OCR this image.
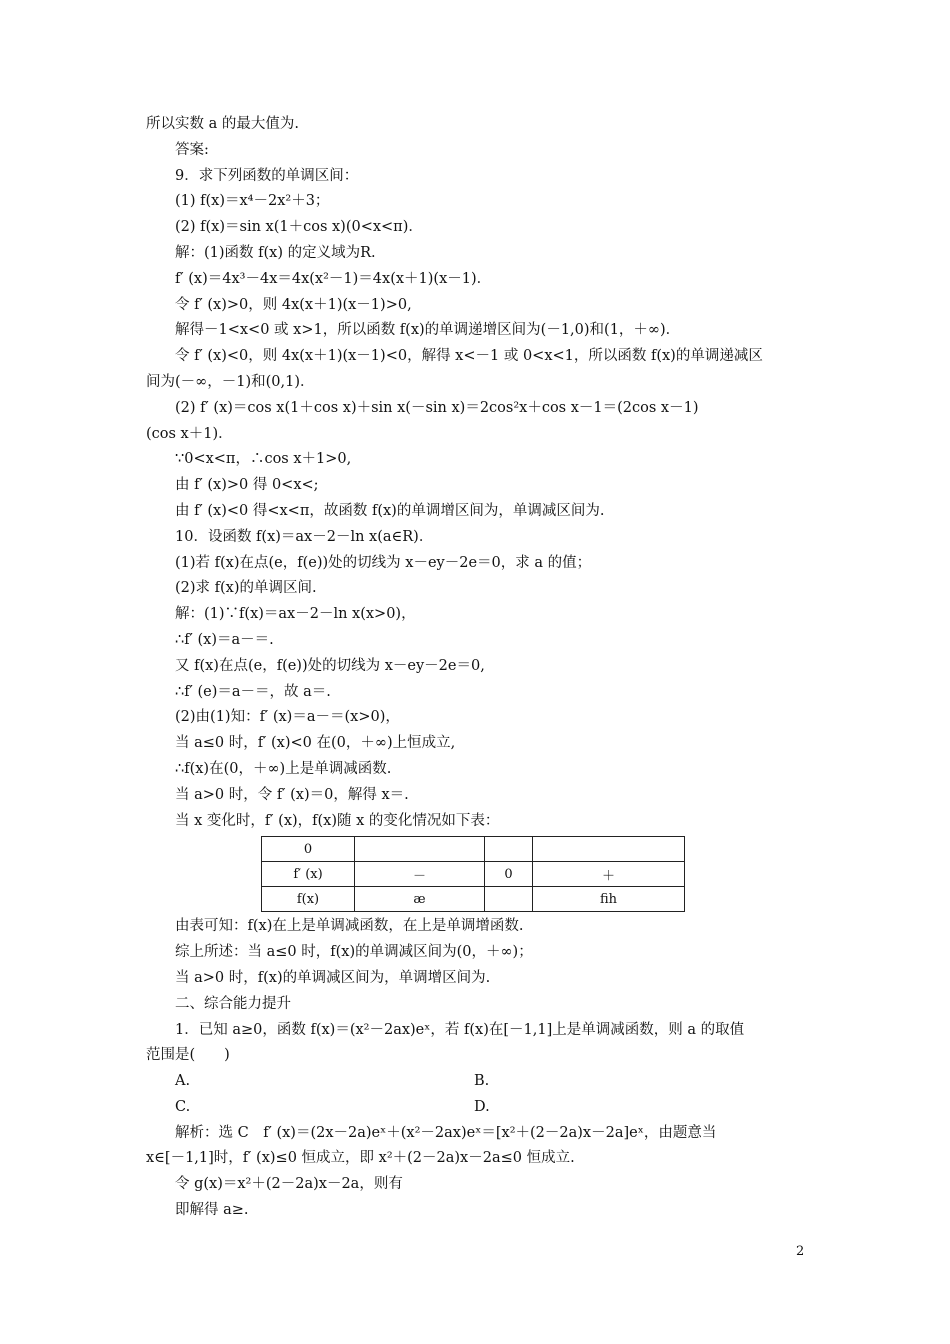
所以实数 a 的最大值为.
答案:
9．求下列函数的单调区间：
(1) f(x)＝x⁴－2x²＋3；
(2) f(x)＝sin x(1＋cos x)(0<x<π)．
解：(1)函数 f(x) 的定义域为R.
f′ (x)＝4x³－4x＝4x(x²－1)＝4x(x＋1)(x－1)．
令 f′ (x)>0，则 4x(x＋1)(x－1)>0,
解得－1<x<0 或 x>1，所以函数 f(x)的单调递增区间为(－1,0)和(1，＋∞)．
令 f′ (x)<0，则 4x(x＋1)(x－1)<0，解得 x<－1 或 0<x<1，所以函数 f(x)的单调递减区
间为(－∞，－1)和(0,1)．
(2) f′ (x)＝cos x(1＋cos x)＋sin x(－sin x)＝2cos²x＋cos x－1＝(2cos x－1)
(cos x＋1)．
∵0<x<π，∴cos x＋1>0,
由 f′ (x)>0 得 0<x<;
由 f′ (x)<0 得<x<π，故函数 f(x)的单调增区间为，单调减区间为.
10．设函数 f(x)＝ax－2－ln x(a∈R)．
(1)若 f(x)在点(e，f(e))处的切线为 x－ey－2e＝0，求 a 的值；
(2)求 f(x)的单调区间.
解：(1)∵f(x)＝ax－2－ln x(x>0)，
∴f′ (x)＝a－＝.
又 f(x)在点(e，f(e))处的切线为 x－ey－2e＝0,
∴f′ (e)＝a－＝，故 a＝.
(2)由(1)知：f′ (x)＝a－＝(x>0)，
当 a≤0 时，f′ (x)<0 在(0，＋∞)上恒成立,
∴f(x)在(0，＋∞)上是单调减函数.
当 a>0 时，令 f′ (x)＝0，解得 x＝.
当 x 变化时，f′ (x)，f(x)随 x 的变化情况如下表：
0			
f′ (x)	－	0	＋
f(x)	æ		ﬁh
由表可知：f(x)在上是单调减函数，在上是单调增函数.
综上所述：当 a≤0 时，f(x)的单调减区间为(0，＋∞)；
当 a>0 时，f(x)的单调减区间为，单调增区间为.
二、综合能力提升
1．已知 a≥0，函数 f(x)＝(x²－2ax)eˣ，若 f(x)在[－1,1]上是单调减函数，则 a 的取值
范围是(　　)
A.	B.
C.	D.
解析：选 C　f′ (x)＝(2x－2a)eˣ＋(x²－2ax)eˣ＝[x²＋(2－2a)x－2a]eˣ，由题意当
x∈[－1,1]时，f′ (x)≤0 恒成立，即 x²＋(2－2a)x－2a≤0 恒成立.
令 g(x)＝x²＋(2－2a)x－2a，则有
即解得 a≥.
2
